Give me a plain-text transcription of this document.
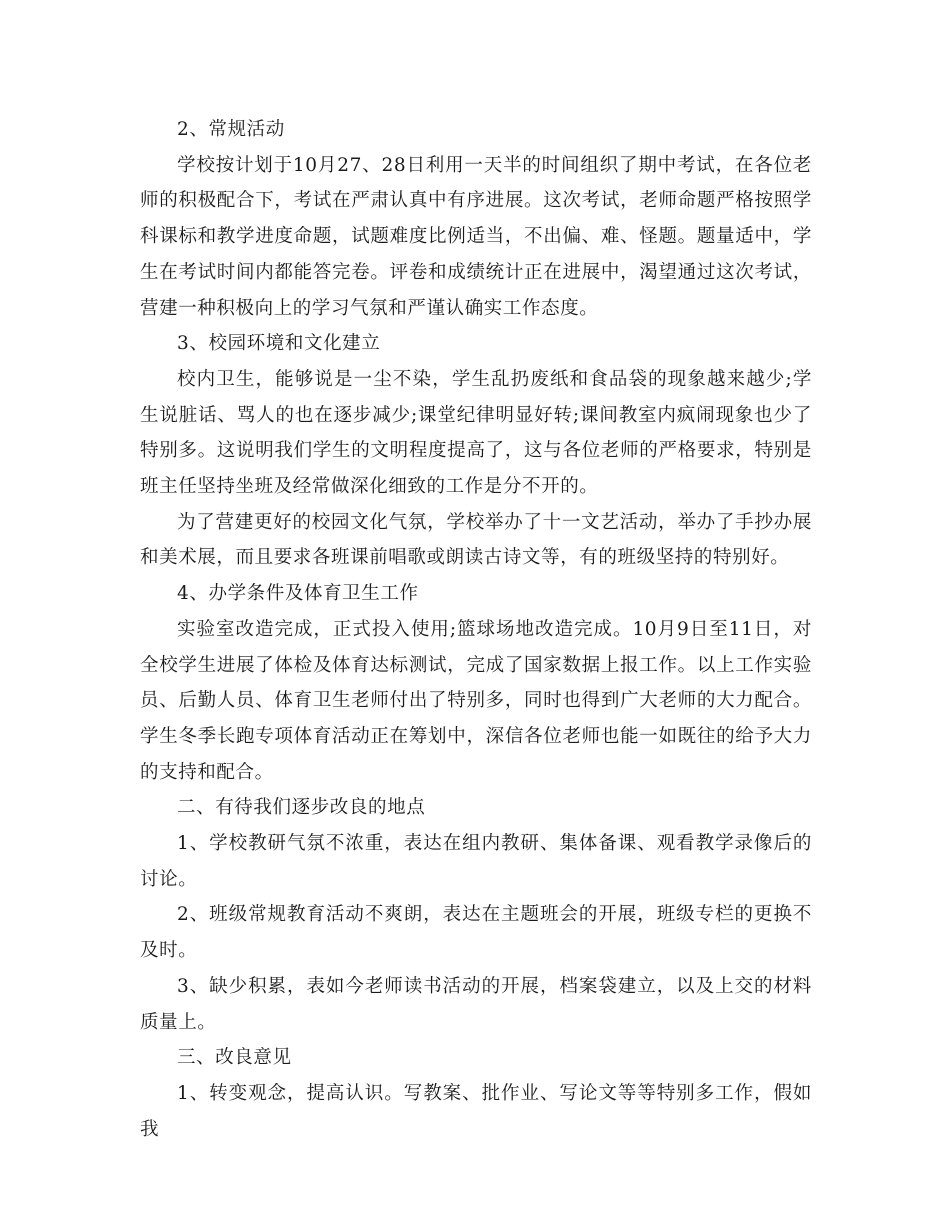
2、常规活动

学校按计划于10月27、28日利用一天半的时间组织了期中考试，在各位老师的积极配合下，考试在严肃认真中有序进展。这次考试，老师命题严格按照学科课标和教学进度命题，试题难度比例适当，不出偏、难、怪题。题量适中，学生在考试时间内都能答完卷。评卷和成绩统计正在进展中，渴望通过这次考试，营建一种积极向上的学习气氛和严谨认确实工作态度。

3、校园环境和文化建立

校内卫生，能够说是一尘不染，学生乱扔废纸和食品袋的现象越来越少;学生说脏话、骂人的也在逐步减少;课堂纪律明显好转;课间教室内疯闹现象也少了特别多。这说明我们学生的文明程度提高了，这与各位老师的严格要求，特别是班主任坚持坐班及经常做深化细致的工作是分不开的。

为了营建更好的校园文化气氛，学校举办了十一文艺活动，举办了手抄办展和美术展，而且要求各班课前唱歌或朗读古诗文等，有的班级坚持的特别好。

4、办学条件及体育卫生工作

实验室改造完成，正式投入使用;篮球场地改造完成。10月9日至11日，对全校学生进展了体检及体育达标测试，完成了国家数据上报工作。以上工作实验员、后勤人员、体育卫生老师付出了特别多，同时也得到广大老师的大力配合。学生冬季长跑专项体育活动正在筹划中，深信各位老师也能一如既往的给予大力的支持和配合。

二、有待我们逐步改良的地点

1、学校教研气氛不浓重，表达在组内教研、集体备课、观看教学录像后的讨论。

2、班级常规教育活动不爽朗，表达在主题班会的开展，班级专栏的更换不及时。

3、缺少积累，表如今老师读书活动的开展，档案袋建立，以及上交的材料质量上。

三、改良意见

1、转变观念，提高认识。写教案、批作业、写论文等等特别多工作，假如我
